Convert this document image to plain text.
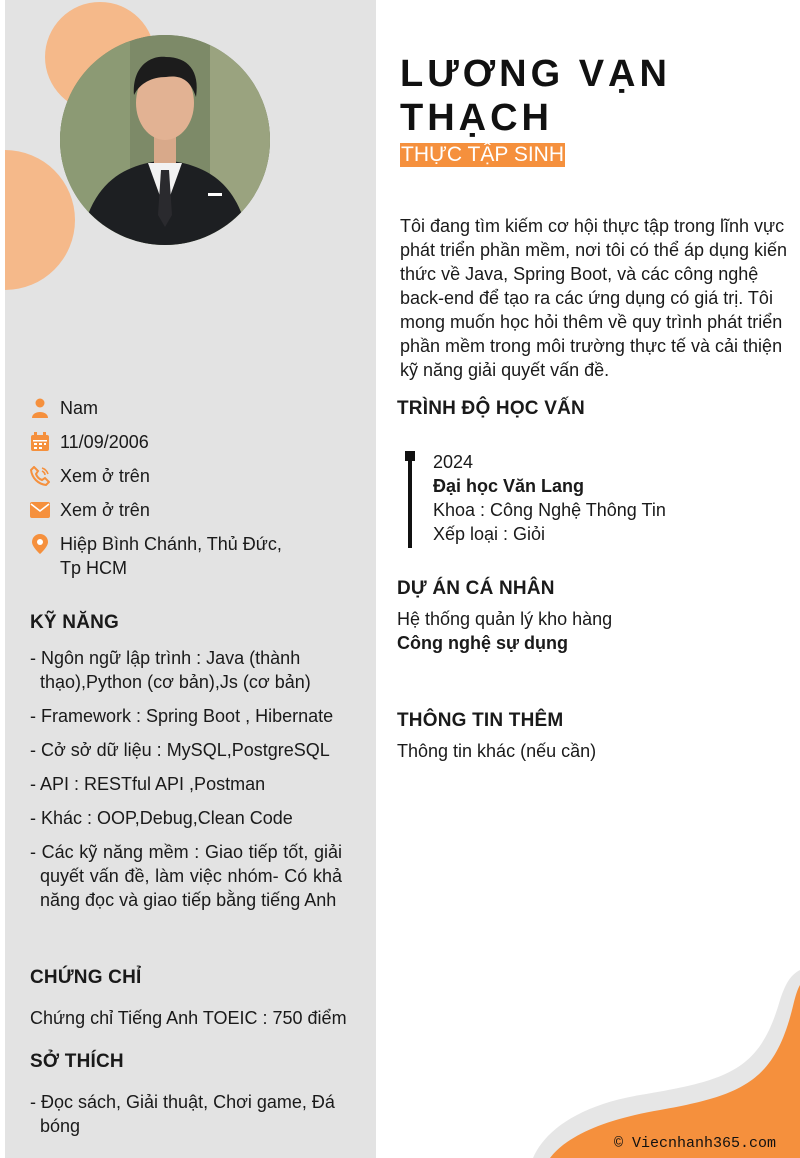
Nam
11/09/2006
Xem ở trên
Xem ở trên
Hiệp Bình Chánh, Thủ Đức, Tp HCM
KỸ NĂNG
- Ngôn ngữ lập trình : Java (thành thạo),Python (cơ bản),Js (cơ bản)
- Framework : Spring Boot , Hibernate
- Cở sở dữ liệu : MySQL,PostgreSQL
- API : RESTful API ,Postman
- Khác : OOP,Debug,Clean Code
- Các kỹ năng mềm : Giao tiếp tốt, giải quyết vấn đề, làm việc nhóm- Có khả năng đọc và giao tiếp bằng tiếng Anh
CHỨNG CHỈ
Chứng chỉ Tiếng Anh TOEIC : 750 điểm
SỞ THÍCH
- Đọc sách, Giải thuật, Chơi game, Đá bóng
LƯƠNG VẠN
THẠCH
THỰC TẬP SINH
Tôi đang tìm kiếm cơ hội thực tập trong lĩnh vực phát triển phần mềm, nơi tôi có thể áp dụng kiến thức về Java, Spring Boot, và các công nghệ back-end để tạo ra các ứng dụng có giá trị. Tôi mong muốn học hỏi thêm về quy trình phát triển phần mềm trong môi trường thực tế và cải thiện kỹ năng giải quyết vấn đề.
TRÌNH ĐỘ HỌC VẤN
2024
Đại học Văn Lang
Khoa : Công Nghệ Thông Tin
Xếp loại : Giỏi
DỰ ÁN CÁ NHÂN
Hệ thống quản lý kho hàng
Công nghệ sự dụng
THÔNG TIN THÊM
Thông tin khác (nếu cần)
© Viecnhanh365.com
